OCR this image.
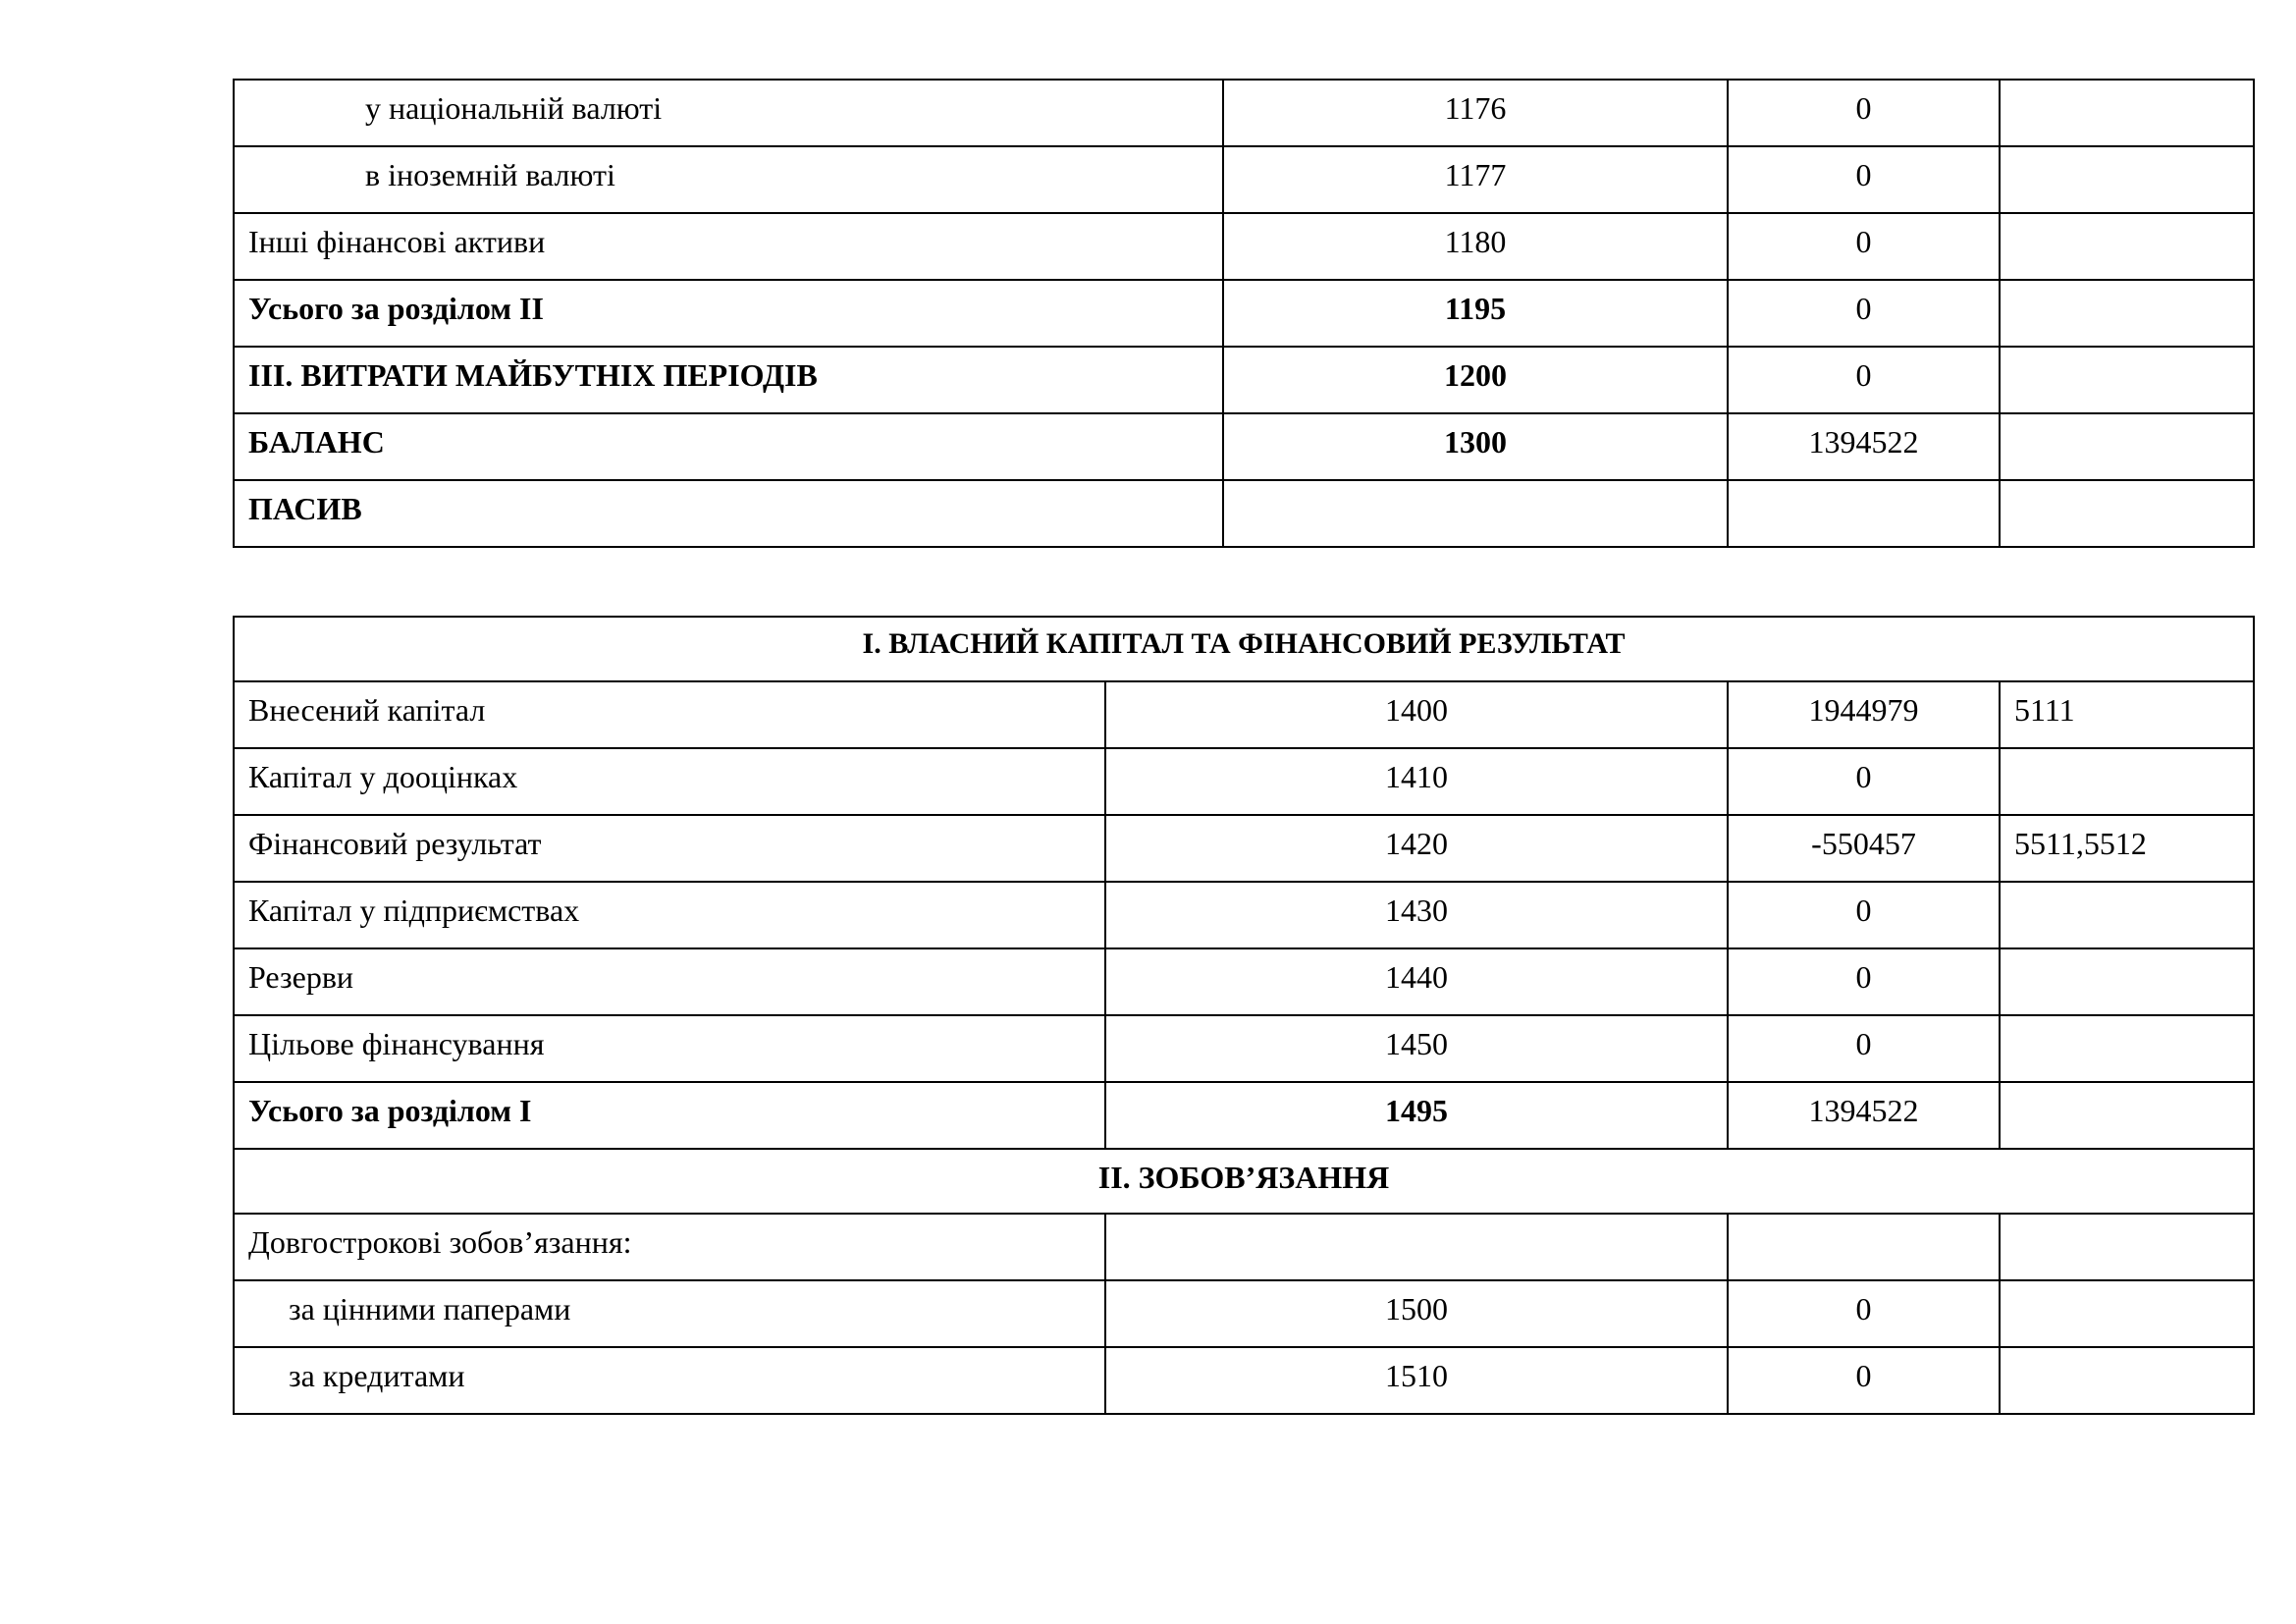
у національній валюті	1176	0	
в іноземній валюті	1177	0	
Інші фінансові активи	1180	0	
Усього за розділом ІІ	1195	0	
ІІІ. ВИТРАТИ МАЙБУТНІХ ПЕРІОДІВ	1200	0	
БАЛАНС	1300	1394522	
ПАСИВ			
І. ВЛАСНИЙ КАПІТАЛ ТА ФІНАНСОВИЙ РЕЗУЛЬТАТ			
Внесений капітал	1400	1944979	5111
Капітал у дооцінках	1410	0	
Фінансовий результат	1420	-550457	5511,5512
Капітал у підприємствах	1430	0	
Резерви	1440	0	
Цільове фінансування	1450	0	
Усього за розділом І	1495	1394522	
ІІ. ЗОБОВ’ЯЗАННЯ			
Довгострокові зобов’язання:			
за цінними паперами	1500	0	
за кредитами	1510	0	
